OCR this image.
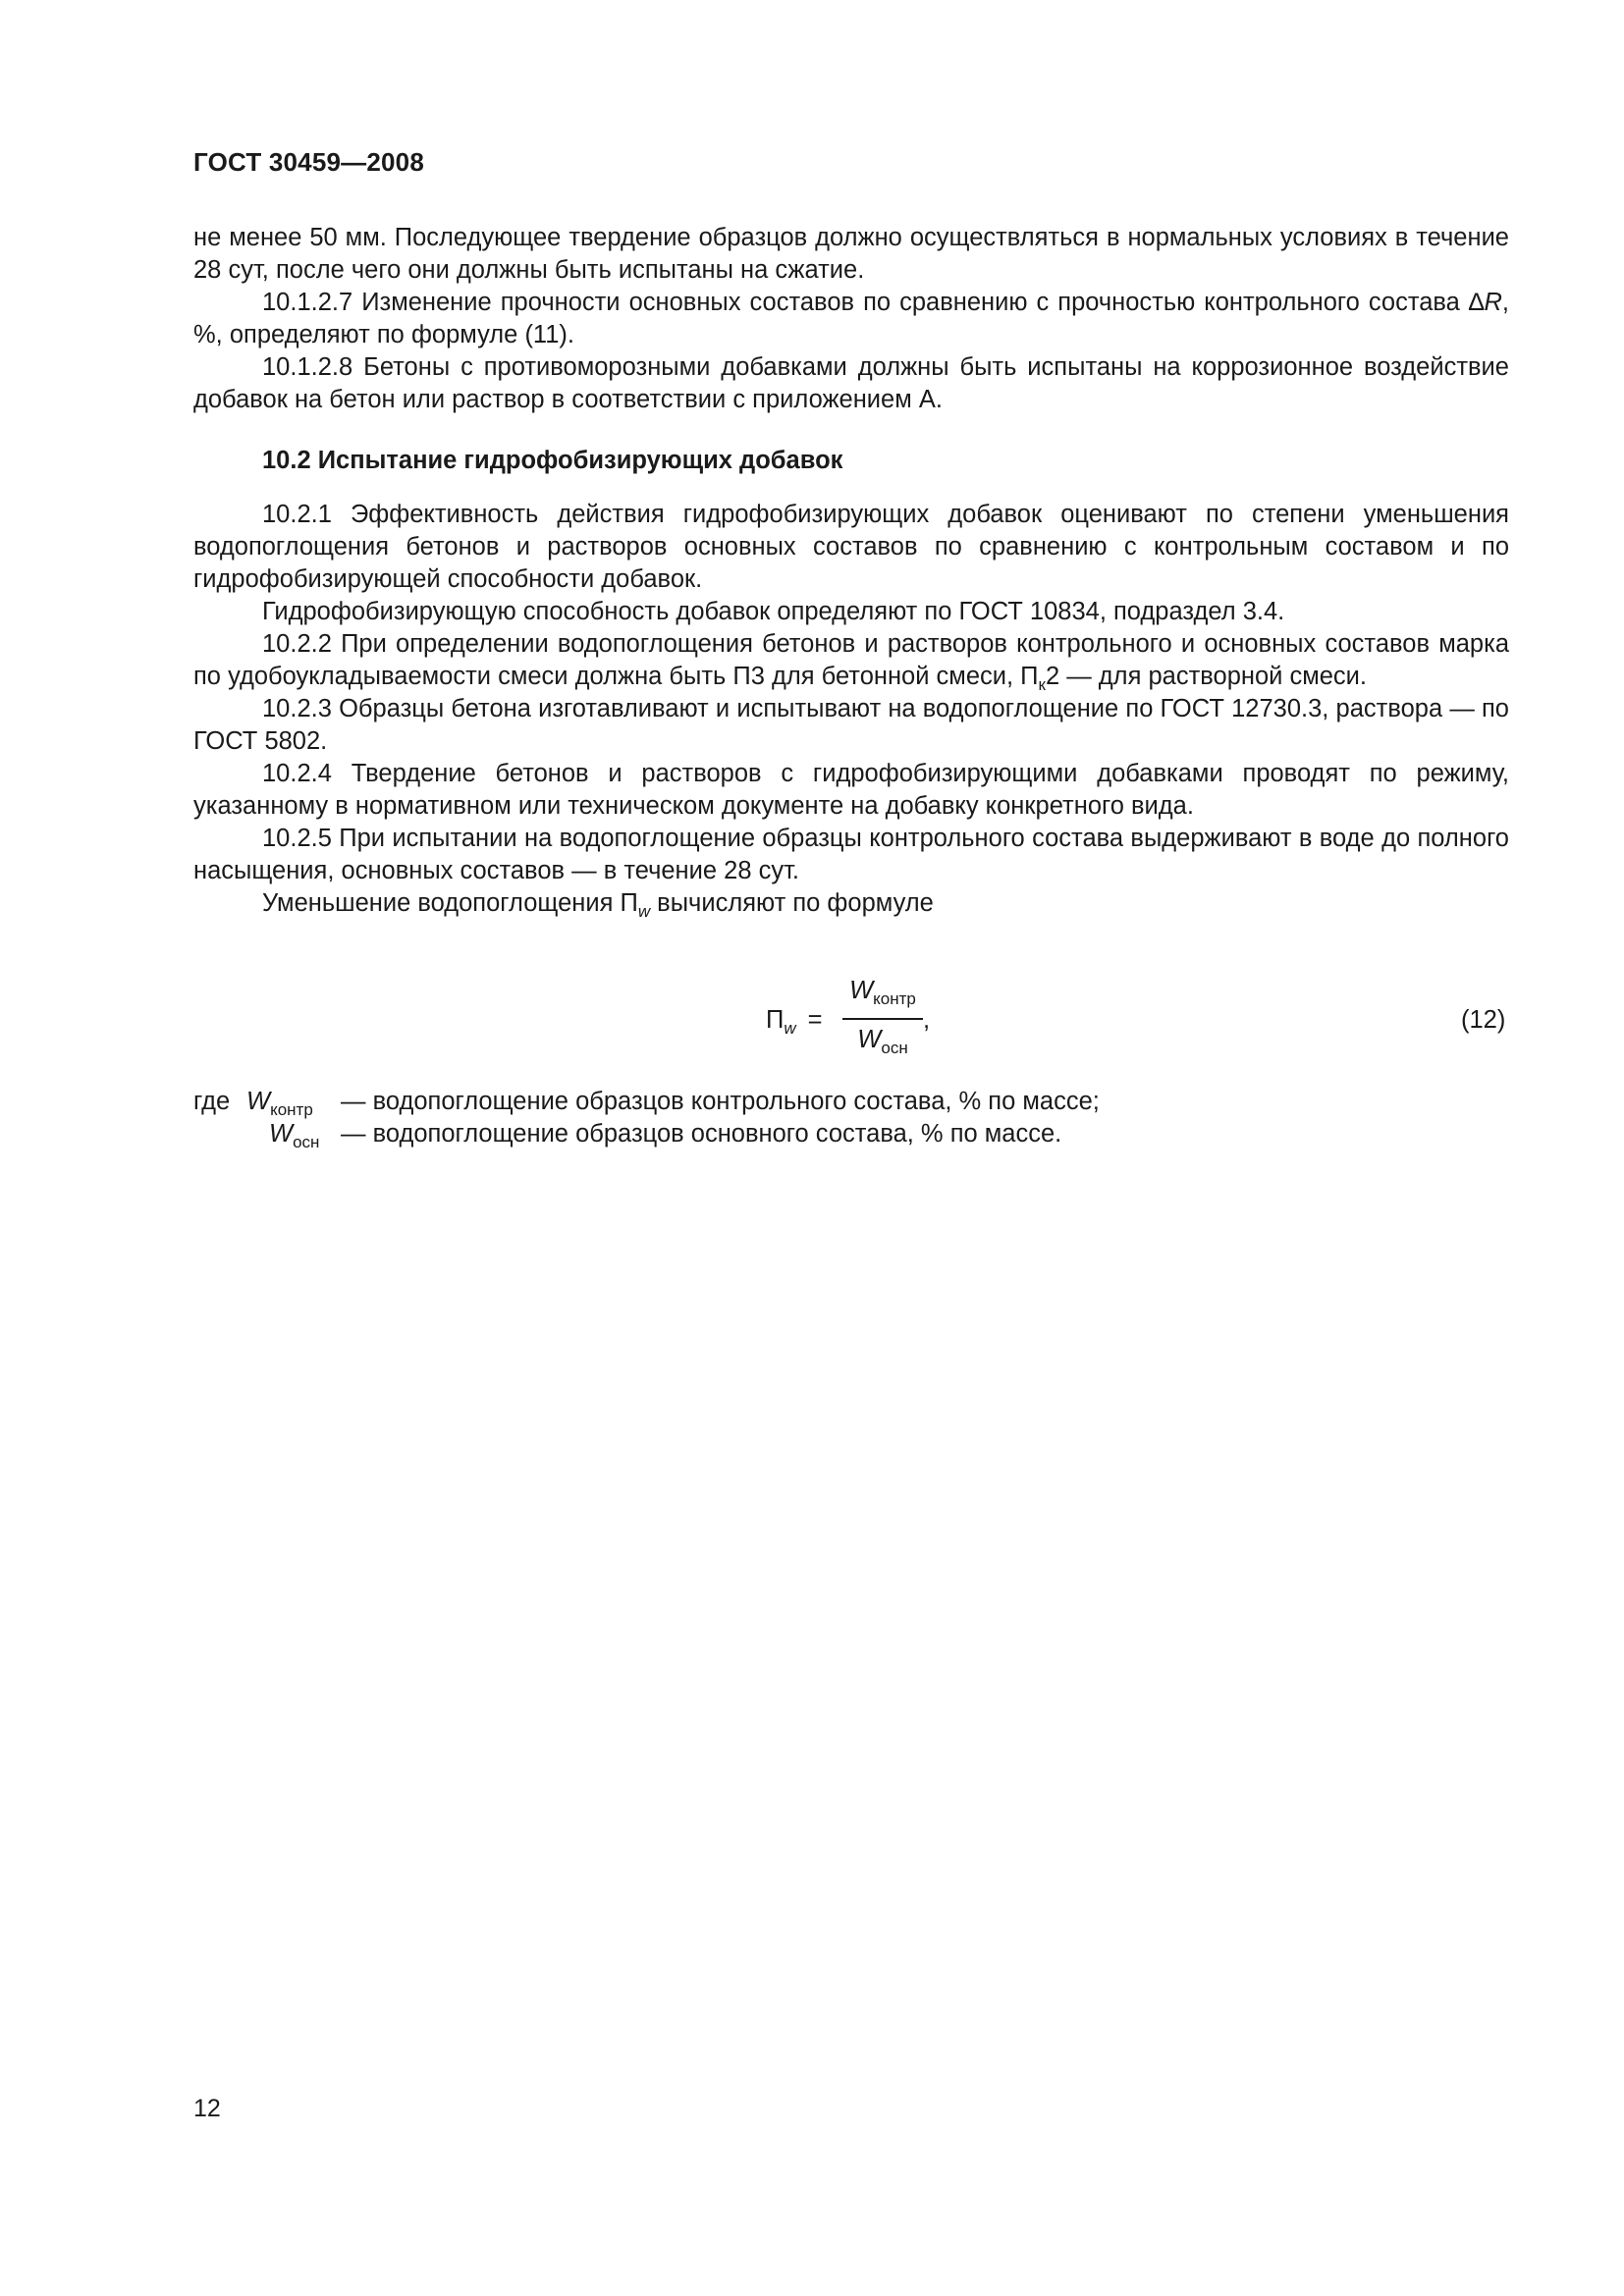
ГОСТ 30459—2008

не менее 50 мм. Последующее твердение образцов должно осуществляться в нормальных условиях в течение 28 сут, после чего они должны быть испытаны на сжатие.

10.1.2.7 Изменение прочности основных составов по сравнению с прочностью контрольного состава ∆R, %, определяют по формуле (11).

10.1.2.8 Бетоны с противоморозными добавками должны быть испытаны на коррозионное воздействие добавок на бетон или раствор в соответствии с приложением А.

10.2 Испытание гидрофобизирующих добавок

10.2.1 Эффективность действия гидрофобизирующих добавок оценивают по степени уменьшения водопоглощения бетонов и растворов основных составов по сравнению с контрольным составом и по гидрофобизирующей способности добавок.

Гидрофобизирующую способность добавок определяют по ГОСТ 10834, подраздел 3.4.

10.2.2 При определении водопоглощения бетонов и растворов контрольного и основных составов марка по удобоукладываемости смеси должна быть П3 для бетонной смеси, $П_к2$ — для растворной смеси.

10.2.3 Образцы бетона изготавливают и испытывают на водопоглощение по ГОСТ 12730.3, раствора — по ГОСТ 5802.

10.2.4 Твердение бетонов и растворов с гидрофобизирующими добавками проводят по режиму, указанному в нормативном или техническом документе на добавку конкретного вида.

10.2.5 При испытании на водопоглощение образцы контрольного состава выдерживают в воде до полного насыщения, основных составов — в течение 28 сут.

Уменьшение водопоглощения $П_w$ вычисляют по формуле

$П_w$ =
$W_{контр}$
$W_{осн}$
,	(12)
где $W_{контр}$ — водопоглощение образцов контрольного состава, % по массе;
$W_{осн}$ — водопоглощение образцов основного состава, % по массе.
12
